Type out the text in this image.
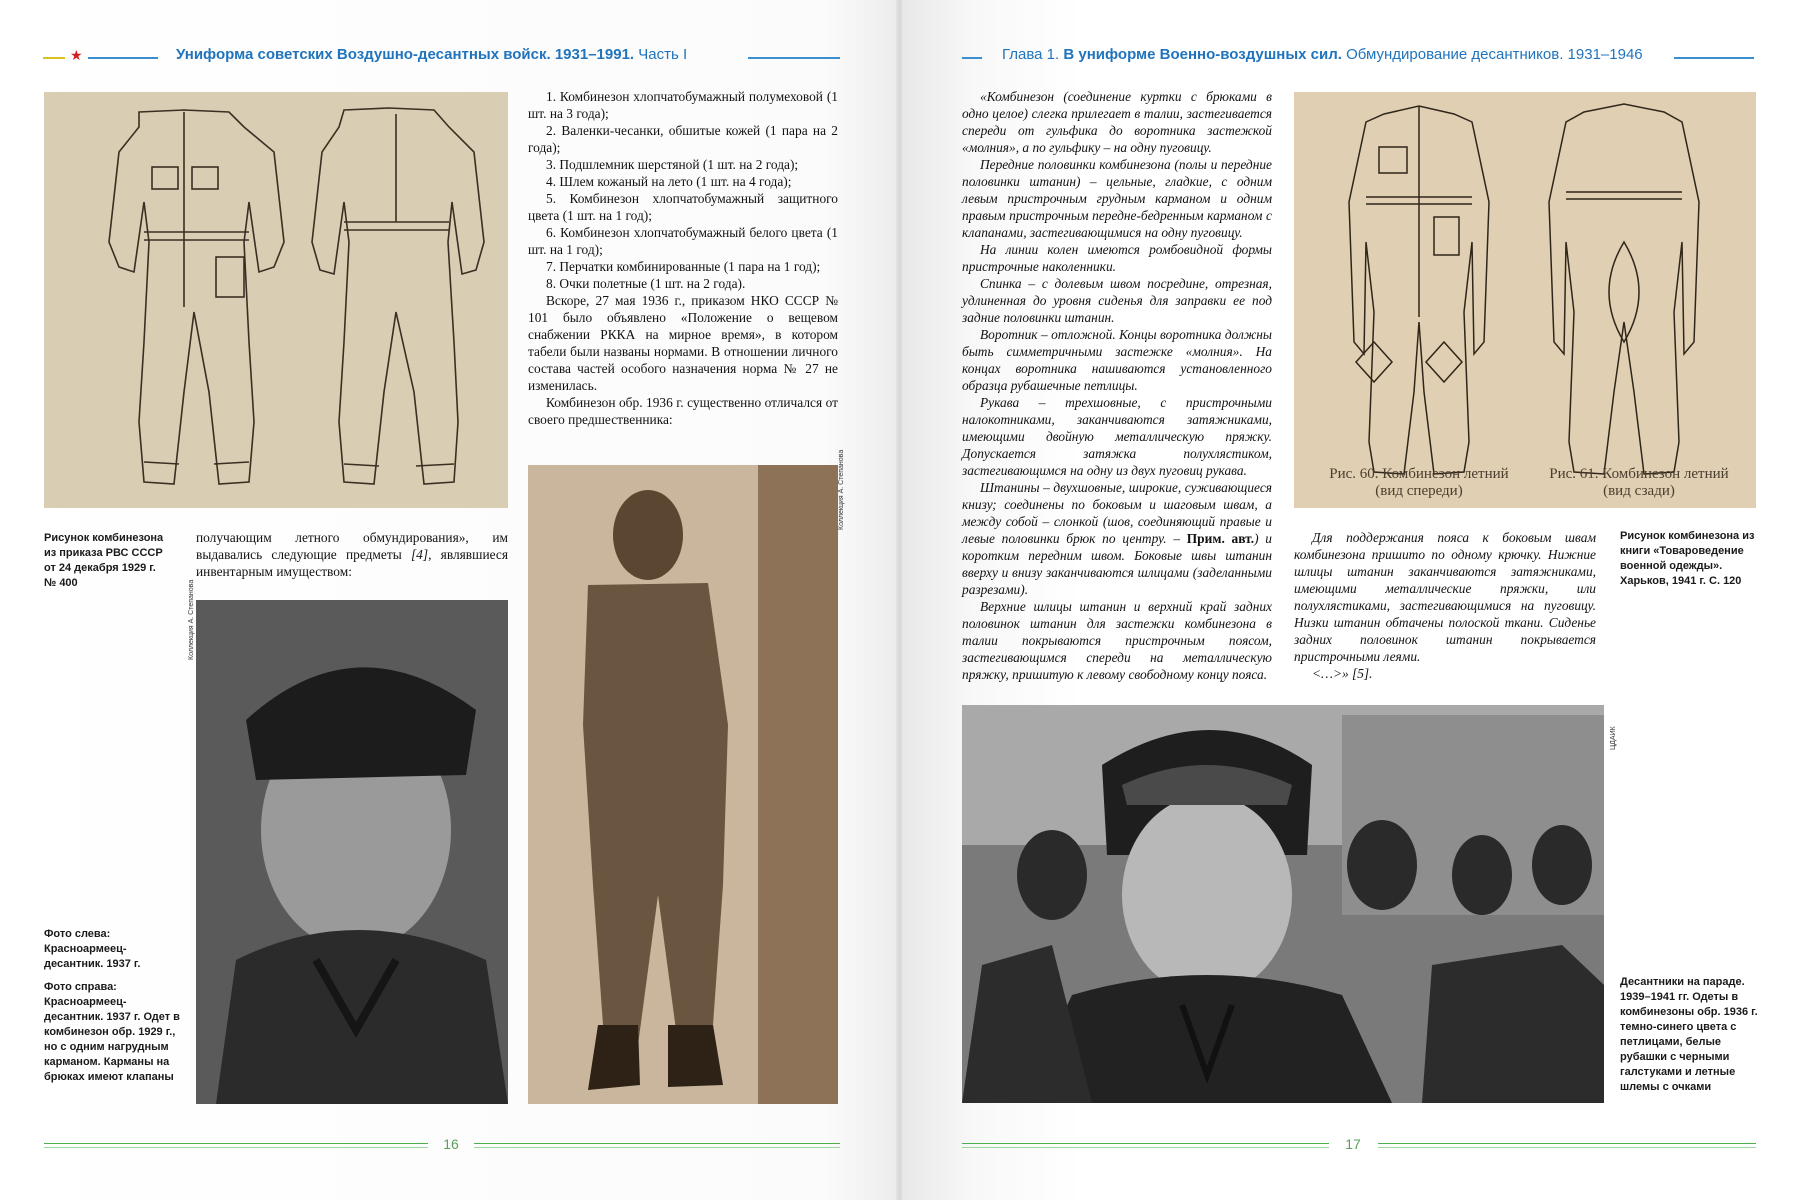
★	Униформа советских Воздушно-десантных войск. 1931–1991. Часть I

1. Комбинезон хлопчатобумажный полумеховой (1 шт. на 3 года);

2. Валенки-чесанки, обшитые кожей (1 пара на 2 года);

3. Подшлемник шерстяной (1 шт. на 2 года);

4. Шлем кожаный на лето (1 шт. на 4 года);

5. Комбинезон хлопчатобумажный защитного цвета (1 шт. на 1 год);

6. Комбинезон хлопчатобумажный белого цвета (1 шт. на 1 год);

7. Перчатки комбинированные (1 пара на 1 год);

8. Очки полетные (1 шт. на 2 года).

Вскоре, 27 мая 1936 г., приказом НКО СССР № 101 было объявлено «Положение о вещевом снабжении РККА на мирное время», в котором табели были названы нормами. В отношении личного состава частей особого назначения норма № 27 не изменилась.

Комбинезон обр. 1936 г. существенно отличался от своего предшественника:

Рисунок комбинезона из приказа РВС СССР от 24 декабря 1929 г. № 400

получающим летного обмундирования», им выдавались следующие предметы [4], являвшиеся инвентарным имуществом:

Коллекция А. Степанова
Коллекция А. Степанова

Фото слева: Красноармеец-десантник. 1937 г.

Фото справа: Красноармеец-десантник. 1937 г. Одет в комбинезон обр. 1929 г., но с одним нагрудным карманом. Карманы на брюках имеют клапаны

16
Глава 1. В униформе Военно-воздушных сил. Обмундирование десантников. 1931–1946

«Комбинезон (соединение куртки с брюками в одно целое) слегка прилегает в талии, застегивается спереди от гульфика до воротника застежкой «молния», а по гульфику – на одну пуговицу.

Передние половинки комбинезона (полы и передние половинки штанин) – цельные, гладкие, с одним левым пристрочным грудным карманом и одним правым пристрочным передне-бедренным карманом с клапанами, застегивающимися на одну пуговицу.

На линии колен имеются ромбовидной формы пристрочные наколенники.

Спинка – с долевым швом посредине, отрезная, удлиненная до уровня сиденья для заправки ее под задние половинки штанин.

Воротник – отложной. Концы воротника должны быть симметричными застежке «молния». На концах воротника нашиваются установленного образца рубашечные петлицы.

Рукава – трехшовные, с пристрочными налокотниками, заканчиваются затяжниками, имеющими двойную металлическую пряжку. Допускается затяжка полухлястиком, застегивающимся на одну из двух пуговиц рукава.

Штанины – двухшовные, широкие, суживающиеся книзу; соединены по боковым и шаговым швам, а между собой – слонкой (шов, соединяющий правые и левые половинки брюк по центру. – Прим. авт.) и коротким передним швом. Боковые швы штанин вверху и внизу заканчиваются шлицами (заделанными разрезами).

Верхние шлицы штанин и верхний край задних половинок штанин для застежки комбинезона в талии покрываются пристрочным поясом, застегивающимся спереди на металлическую пряжку, пришитую к левому свободному концу пояса.

Рис. 60. Комбинезон летний (вид спереди)
Рис. 61. Комбинезон летний (вид сзади)

Для поддержания пояса к боковым швам комбинезона пришито по одному крючку. Нижние шлицы штанин заканчиваются затяжниками, имеющими металлические пряжки, или полухлястиками, застегивающимися на пуговицу. Низки штанин обтачены полоской ткани. Сиденье задних половинок штанин покрывается пристрочными леями.

<…>» [5].

Рисунок комбинезона из книги «Товароведение военной одежды». Харьков, 1941 г. С. 120

ЦДАИК

Десантники на параде. 1939–1941 гг. Одеты в комбинезоны обр. 1936 г. темно-синего цвета с петлицами, белые рубашки с черными галстуками и летные шлемы с очками

17
